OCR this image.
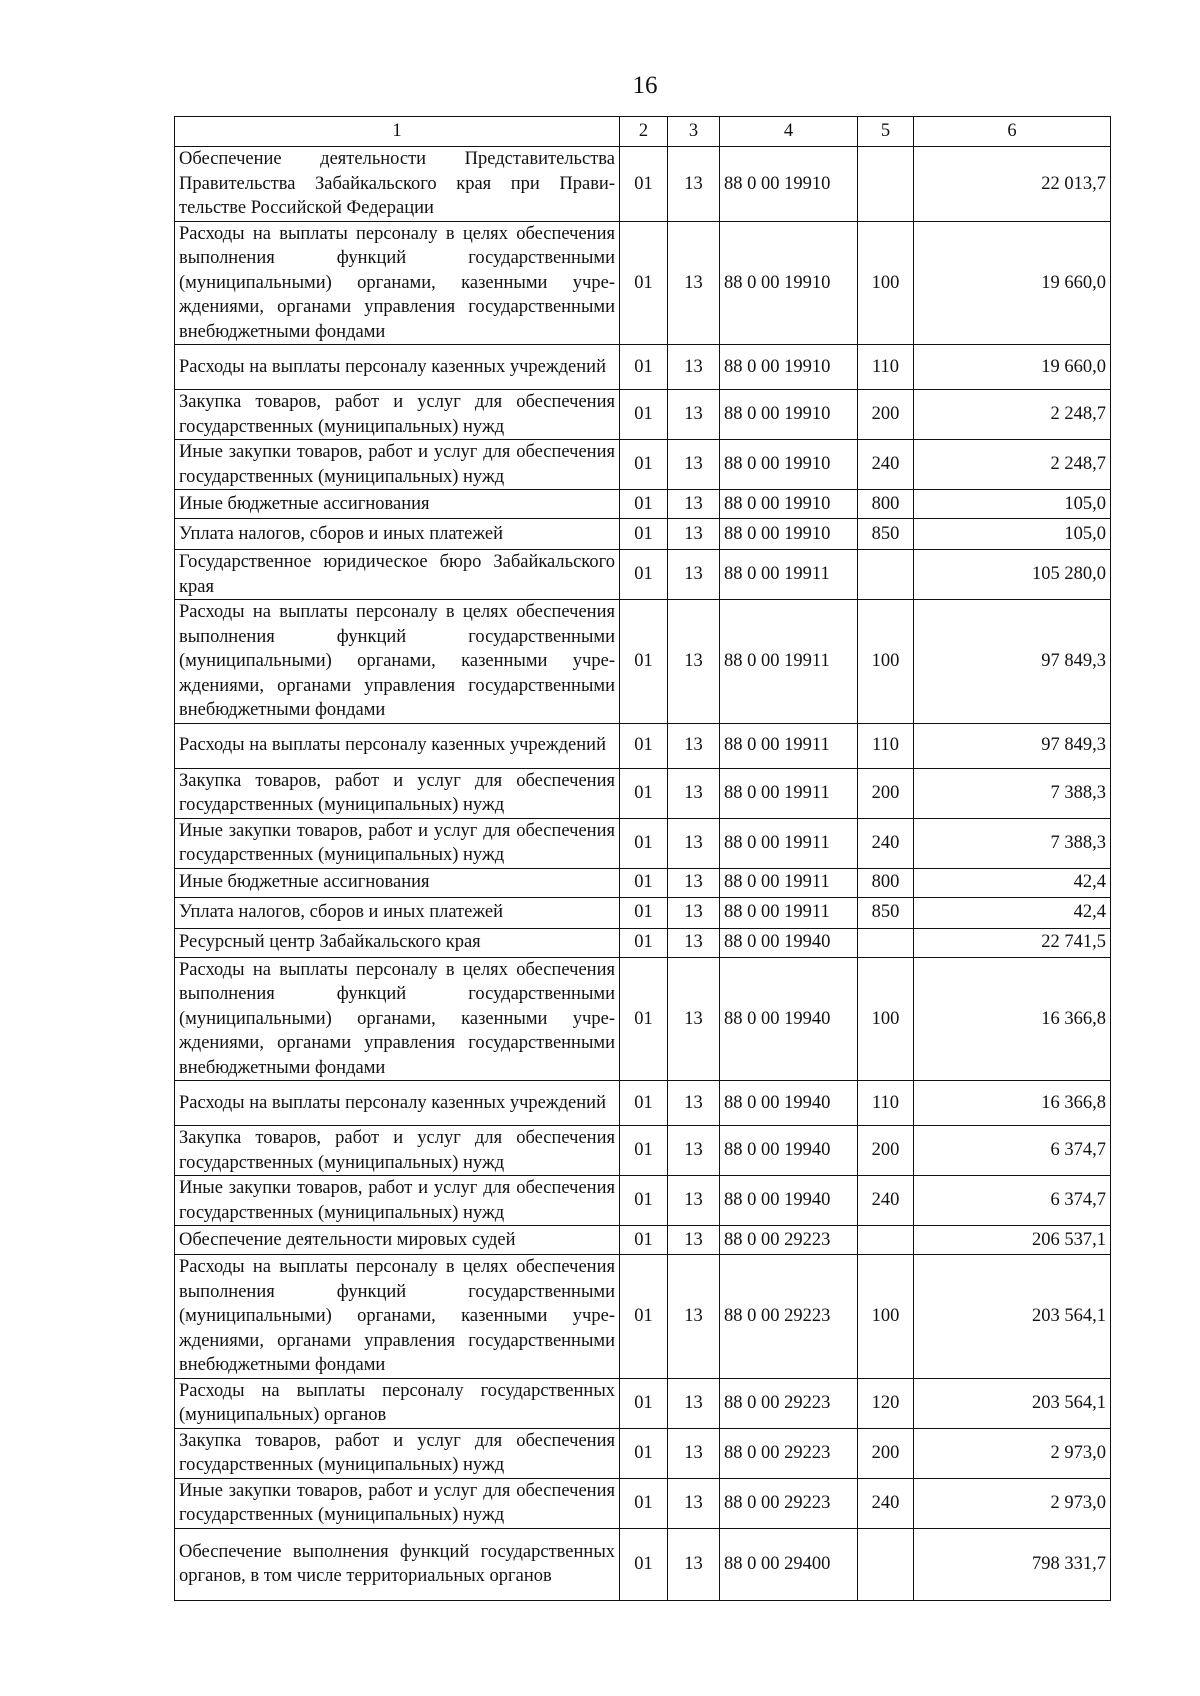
16
1	2	3	4	5	6
Обеспечение деятельности Представительства Правительства Забайкальского края при Правительстве Российской Федерации	01	13	88 0 00 19910		22 013,7
Расходы на выплаты персоналу в целях обеспечения выполнения функций государственными (муниципальными) органами, казенными учреждениями, органами управления государственными внебюджетными фондами	01	13	88 0 00 19910	100	19 660,0
Расходы на выплаты персоналу казенных учреждений	01	13	88 0 00 19910	110	19 660,0
Закупка товаров, работ и услуг для обеспечения государственных (муниципальных) нужд	01	13	88 0 00 19910	200	2 248,7
Иные закупки товаров, работ и услуг для обеспечения государственных (муниципальных) нужд	01	13	88 0 00 19910	240	2 248,7
Иные бюджетные ассигнования	01	13	88 0 00 19910	800	105,0
Уплата налогов, сборов и иных платежей	01	13	88 0 00 19910	850	105,0
Государственное юридическое бюро Забайкальского края	01	13	88 0 00 19911		105 280,0
Расходы на выплаты персоналу в целях обеспечения выполнения функций государственными (муниципальными) органами, казенными учреждениями, органами управления государственными внебюджетными фондами	01	13	88 0 00 19911	100	97 849,3
Расходы на выплаты персоналу казенных учреждений	01	13	88 0 00 19911	110	97 849,3
Закупка товаров, работ и услуг для обеспечения государственных (муниципальных) нужд	01	13	88 0 00 19911	200	7 388,3
Иные закупки товаров, работ и услуг для обеспечения государственных (муниципальных) нужд	01	13	88 0 00 19911	240	7 388,3
Иные бюджетные ассигнования	01	13	88 0 00 19911	800	42,4
Уплата налогов, сборов и иных платежей	01	13	88 0 00 19911	850	42,4
Ресурсный центр Забайкальского края	01	13	88 0 00 19940		22 741,5
Расходы на выплаты персоналу в целях обеспечения выполнения функций государственными (муниципальными) органами, казенными учреждениями, органами управления государственными внебюджетными фондами	01	13	88 0 00 19940	100	16 366,8
Расходы на выплаты персоналу казенных учреждений	01	13	88 0 00 19940	110	16 366,8
Закупка товаров, работ и услуг для обеспечения государственных (муниципальных) нужд	01	13	88 0 00 19940	200	6 374,7
Иные закупки товаров, работ и услуг для обеспечения государственных (муниципальных) нужд	01	13	88 0 00 19940	240	6 374,7
Обеспечение деятельности мировых судей	01	13	88 0 00 29223		206 537,1
Расходы на выплаты персоналу в целях обеспечения выполнения функций государственными (муниципальными) органами, казенными учреждениями, органами управления государственными внебюджетными фондами	01	13	88 0 00 29223	100	203 564,1
Расходы на выплаты персоналу государственных (муниципальных) органов	01	13	88 0 00 29223	120	203 564,1
Закупка товаров, работ и услуг для обеспечения государственных (муниципальных) нужд	01	13	88 0 00 29223	200	2 973,0
Иные закупки товаров, работ и услуг для обеспечения государственных (муниципальных) нужд	01	13	88 0 00 29223	240	2 973,0
Обеспечение выполнения функций государственных органов, в том числе территориальных органов	01	13	88 0 00 29400		798 331,7
